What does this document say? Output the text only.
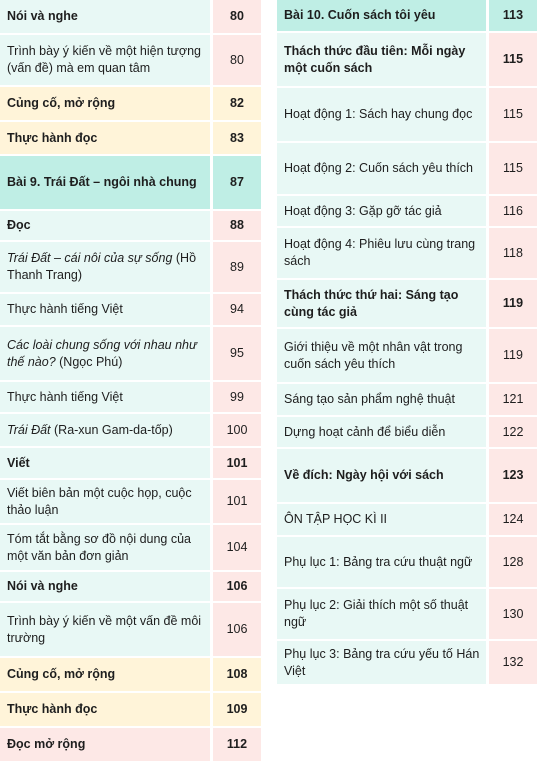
Nói và nghe	80
Trình bày ý kiến về một hiện tượng (vấn đề) mà em quan tâm	80
Củng cố, mở rộng	82
Thực hành đọc	83
Bài 9. Trái Đất – ngôi nhà chung	87
Đọc	88
Trái Đất – cái nôi của sự sống (Hồ Thanh Trang)	89
Thực hành tiếng Việt	94
Các loài chung sống với nhau như thế nào? (Ngọc Phú)	95
Thực hành tiếng Việt	99
Trái Đất (Ra-xun Gam-da-tốp)	100
Viết	101
Viết biên bản một cuộc họp, cuộc thảo luận	101
Tóm tắt bằng sơ đồ nội dung của một văn bản đơn giản	104
Nói và nghe	106
Trình bày ý kiến về một vấn đề môi trường	106
Củng cố, mở rộng	108
Thực hành đọc	109
Đọc mở rộng	112
Bài 10. Cuốn sách tôi yêu	113
Thách thức đầu tiên: Mỗi ngày một cuốn sách	115
Hoạt động 1: Sách hay chung đọc	115
Hoạt động 2: Cuốn sách yêu thích	115
Hoạt động 3: Gặp gỡ tác giả	116
Hoạt động 4: Phiêu lưu cùng trang sách	118
Thách thức thứ hai: Sáng tạo cùng tác giả	119
Giới thiệu về một nhân vật trong cuốn sách yêu thích	119
Sáng tạo sản phẩm nghệ thuật	121
Dựng hoạt cảnh để biểu diễn	122
Về đích: Ngày hội với sách	123
ÔN TẬP HỌC KÌ II	124
Phụ lục 1: Bảng tra cứu thuật ngữ	128
Phụ lục 2: Giải thích một số thuật ngữ	130
Phụ lục 3: Bảng tra cứu yếu tố Hán Việt	132
